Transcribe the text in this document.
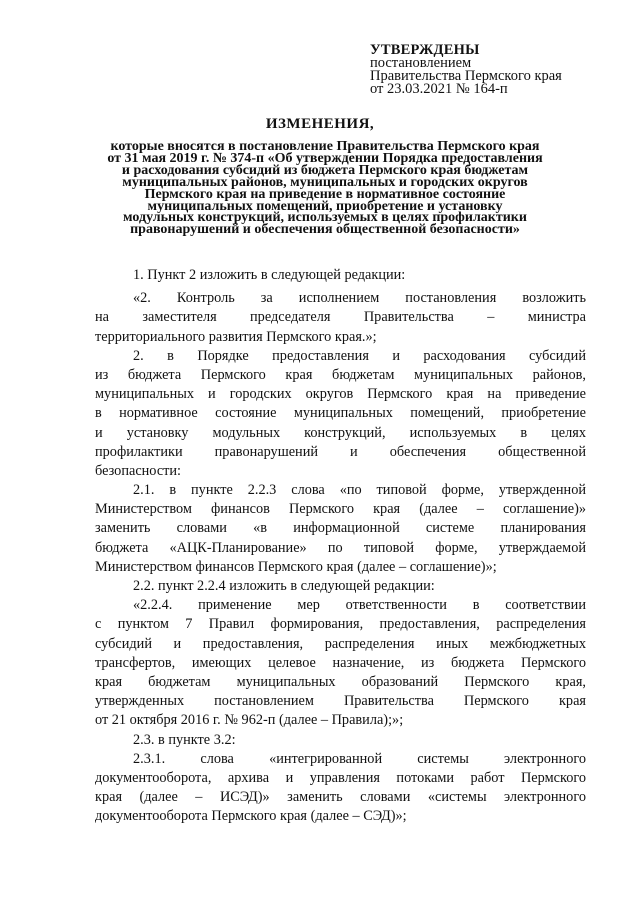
УТВЕРЖДЕНЫ
постановлением
Правительства Пермского края
от 23.03.2021 № 164-п
ИЗМЕНЕНИЯ,
которые вносятся в постановление Правительства Пермского края
от 31 мая 2019 г. № 374-п «Об утверждении Порядка предоставления
и расходования субсидий из бюджета Пермского края бюджетам
муниципальных районов, муниципальных и городских округов
Пермского края на приведение в нормативное состояние
муниципальных помещений, приобретение и установку
модульных конструкций, используемых в целях профилактики
правонарушений и обеспечения общественной безопасности»
1. Пункт 2 изложить в следующей редакции:
«2. Контроль за исполнением постановления возложить
на заместителя председателя Правительства – министра
территориального развития Пермского края.»;
2. в Порядке предоставления и расходования субсидий
из бюджета Пермского края бюджетам муниципальных районов,
муниципальных и городских округов Пермского края на приведение
в нормативное состояние муниципальных помещений, приобретение
и установку модульных конструкций, используемых в целях
профилактики правонарушений и обеспечения общественной
безопасности:
2.1. в пункте 2.2.3 слова «по типовой форме, утвержденной
Министерством финансов Пермского края (далее – соглашение)»
заменить словами «в информационной системе планирования
бюджета «АЦК-Планирование» по типовой форме, утверждаемой
Министерством финансов Пермского края (далее – соглашение)»;
2.2. пункт 2.2.4 изложить в следующей редакции:
«2.2.4. применение мер ответственности в соответствии
с пунктом 7 Правил формирования, предоставления, распределения
субсидий и предоставления, распределения иных межбюджетных
трансфертов, имеющих целевое назначение, из бюджета Пермского
края бюджетам муниципальных образований Пермского края,
утвержденных постановлением Правительства Пермского края
от 21 октября 2016 г. № 962-п (далее – Правила);»;
2.3. в пункте 3.2:
2.3.1. слова «интегрированной системы электронного
документооборота, архива и управления потоками работ Пермского
края (далее – ИСЭД)» заменить словами «системы электронного
документооборота Пермского края (далее – СЭД)»;
